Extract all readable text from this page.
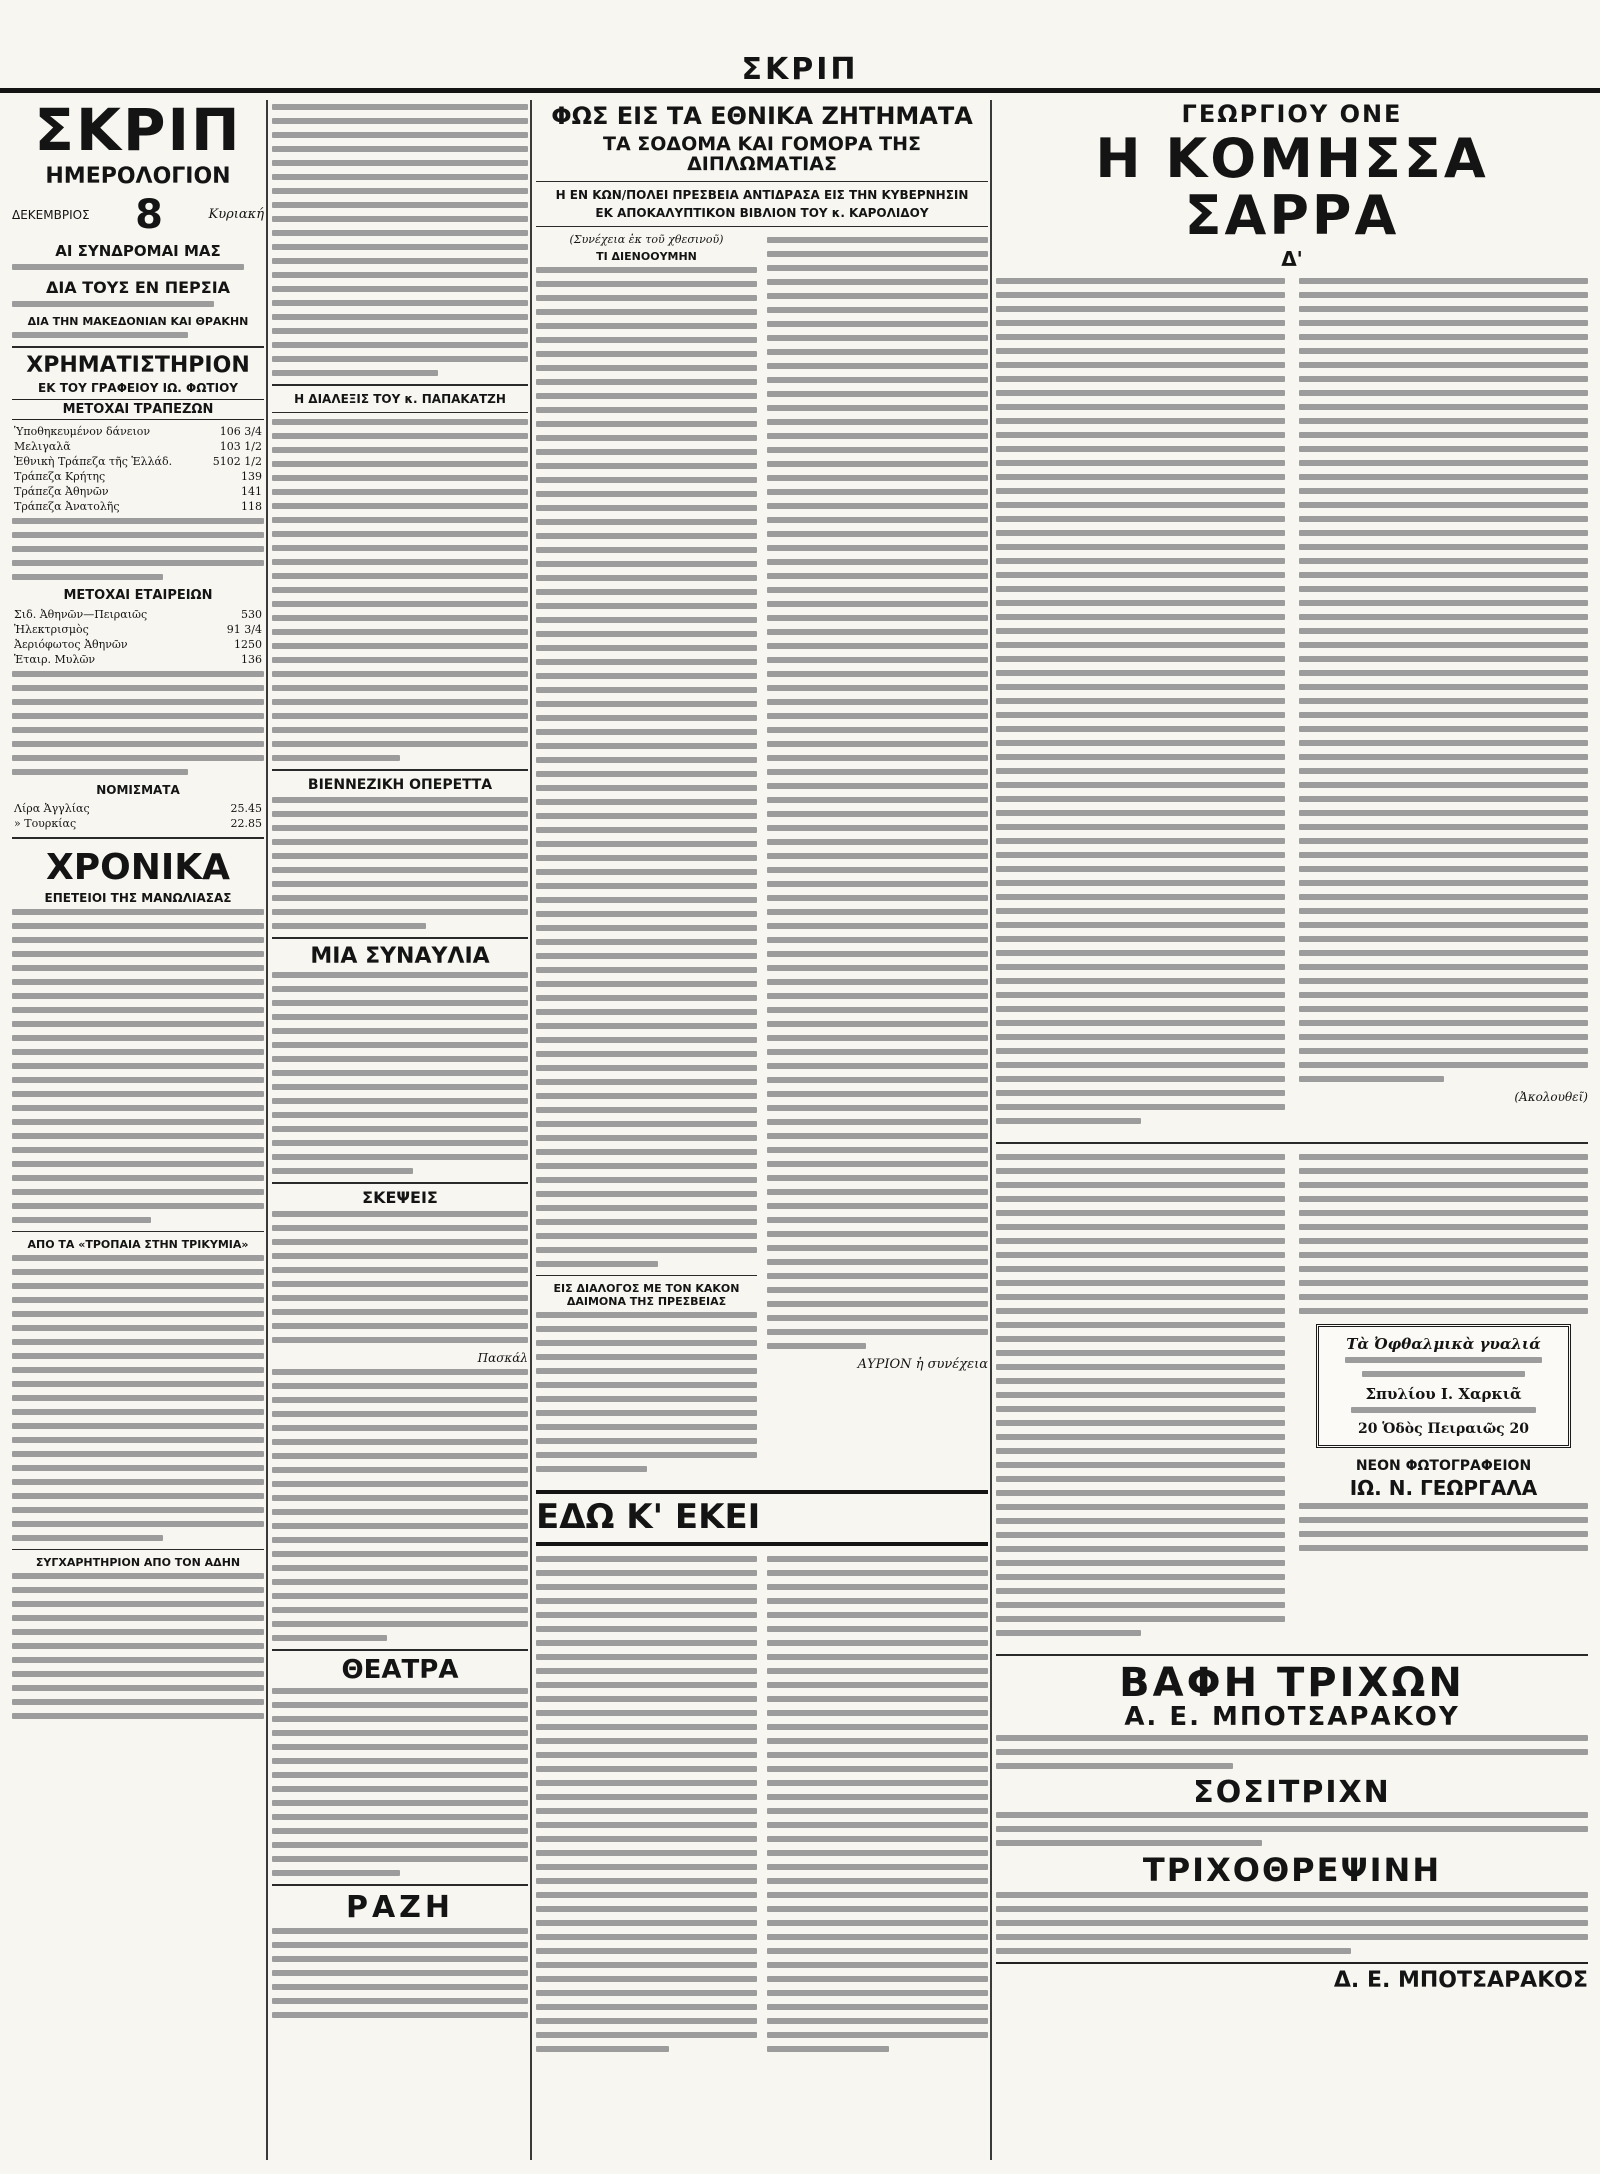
ΣΚΡΙΠ
ΣΚΡΙΠ
ΗΜΕΡΟΛΟΓΙΟΝ
ΔΕΚΕΜΒΡΙΟΣ 8	Κυριακή
ΑΙ ΣΥΝΔΡΟΜΑΙ ΜΑΣ
ΔΙΑ ΤΟΥΣ ΕΝ ΠΕΡΣΙΑ
ΔΙΑ ΤΗΝ ΜΑΚΕΔΟΝΙΑΝ ΚΑΙ ΘΡΑΚΗΝ
ΧΡΗΜΑΤΙΣΤΗΡΙΟΝ
ΕΚ ΤΟΥ ΓΡΑΦΕΙΟΥ ΙΩ. ΦΩΤΙΟΥ
ΜΕΤΟΧΑΙ ΤΡΑΠΕΖΩΝ
Ὑποθηκευμένον δάνειον	106 3/4
Μελιγαλᾶ	103 1/2
Ἐθνικὴ Τράπεζα τῆς Ἑλλάδ.	5102 1/2
Τράπεζα Κρήτης	139
Τράπεζα Ἀθηνῶν	141
Τράπεζα Ἀνατολῆς	118
ΜΕΤΟΧΑΙ ΕΤΑΙΡΕΙΩΝ
Σιδ. Ἀθηνῶν—Πειραιῶς	530
Ἠλεκτρισμὸς	91 3/4
Ἀεριόφωτος Ἀθηνῶν	1250
Ἑταιρ. Μυλῶν	136
ΝΟΜΙΣΜΑΤΑ
Λίρα Ἀγγλίας	25.45
» Τουρκίας	22.85
ΧΡΟΝΙΚΑ
ΕΠΕΤΕΙΟΙ ΤΗΣ ΜΑΝΩΛΙΑΣΑΣ
ΑΠΟ ΤΑ «ΤΡΟΠΑΙΑ ΣΤΗΝ ΤΡΙΚΥΜΙΑ»
ΣΥΓΧΑΡΗΤΗΡΙΟΝ ΑΠΟ ΤΟΝ ΑΔΗΝ
Η ΔΙΑΛΕΞΙΣ ΤΟΥ κ. ΠΑΠΑΚΑΤΖΗ
ΒΙΕΝΝΕΖΙΚΗ ΟΠΕΡΕΤΤΑ
ΜΙΑ ΣΥΝΑΥΛΙΑ
ΣΚΕΨΕΙΣ
Πασκάλ
ΘΕΑΤΡΑ
ΡΑΖΗ
ΦΩΣ ΕΙΣ ΤΑ ΕΘΝΙΚΑ ΖΗΤΗΜΑΤΑ
ΤΑ ΣΟΔΟΜΑ ΚΑΙ ΓΟΜΟΡΑ ΤΗΣ ΔΙΠΛΩΜΑΤΙΑΣ
Η ΕΝ ΚΩΝ/ΠΟΛΕΙ ΠΡΕΣΒΕΙΑ ΑΝΤΙΔΡΑΣΑ ΕΙΣ ΤΗΝ ΚΥΒΕΡΝΗΣΙΝ
ΕΚ ΑΠΟΚΑΛΥΠΤΙΚΟΝ ΒΙΒΛΙΟΝ ΤΟΥ κ. ΚΑΡΟΛΙΔΟΥ
(Συνέχεια ἐκ τοῦ χθεσινοῦ)
ΤΙ ΔΙΕΝΟΟΥΜΗΝ
ΕΙΣ ΔΙΑΛΟΓΟΣ ΜΕ ΤΟΝ ΚΑΚΟΝ ΔΑΙΜΟΝΑ ΤΗΣ ΠΡΕΣΒΕΙΑΣ
ΑΥΡΙΟΝ ἡ συνέχεια
ΕΔΩ Κ' ΕΚΕΙ
ΓΕΩΡΓΙΟΥ ΟΝΕ
Η ΚΟΜΗΣΣΑ ΣΑΡΡΑ
Δ'
(Ἀκολουθεῖ)
Τὰ Ὀφθαλμικὰ γυαλιά
Σπυλίου Ι. Χαρκιᾶ
20 Ὁδὸς Πειραιῶς 20
ΝΕΟΝ ΦΩΤΟΓΡΑΦΕΙΟΝ
ΙΩ. Ν. ΓΕΩΡΓΑΛΑ
ΒΑΦΗ ΤΡΙΧΩΝ
Α. Ε. ΜΠΟΤΣΑΡΑΚΟΥ
ΣΟΣΙΤΡΙΧΝ
ΤΡΙΧΟΘΡΕΨΙΝΗ
Δ. Ε. ΜΠΟΤΣΑΡΑΚΟΣ
